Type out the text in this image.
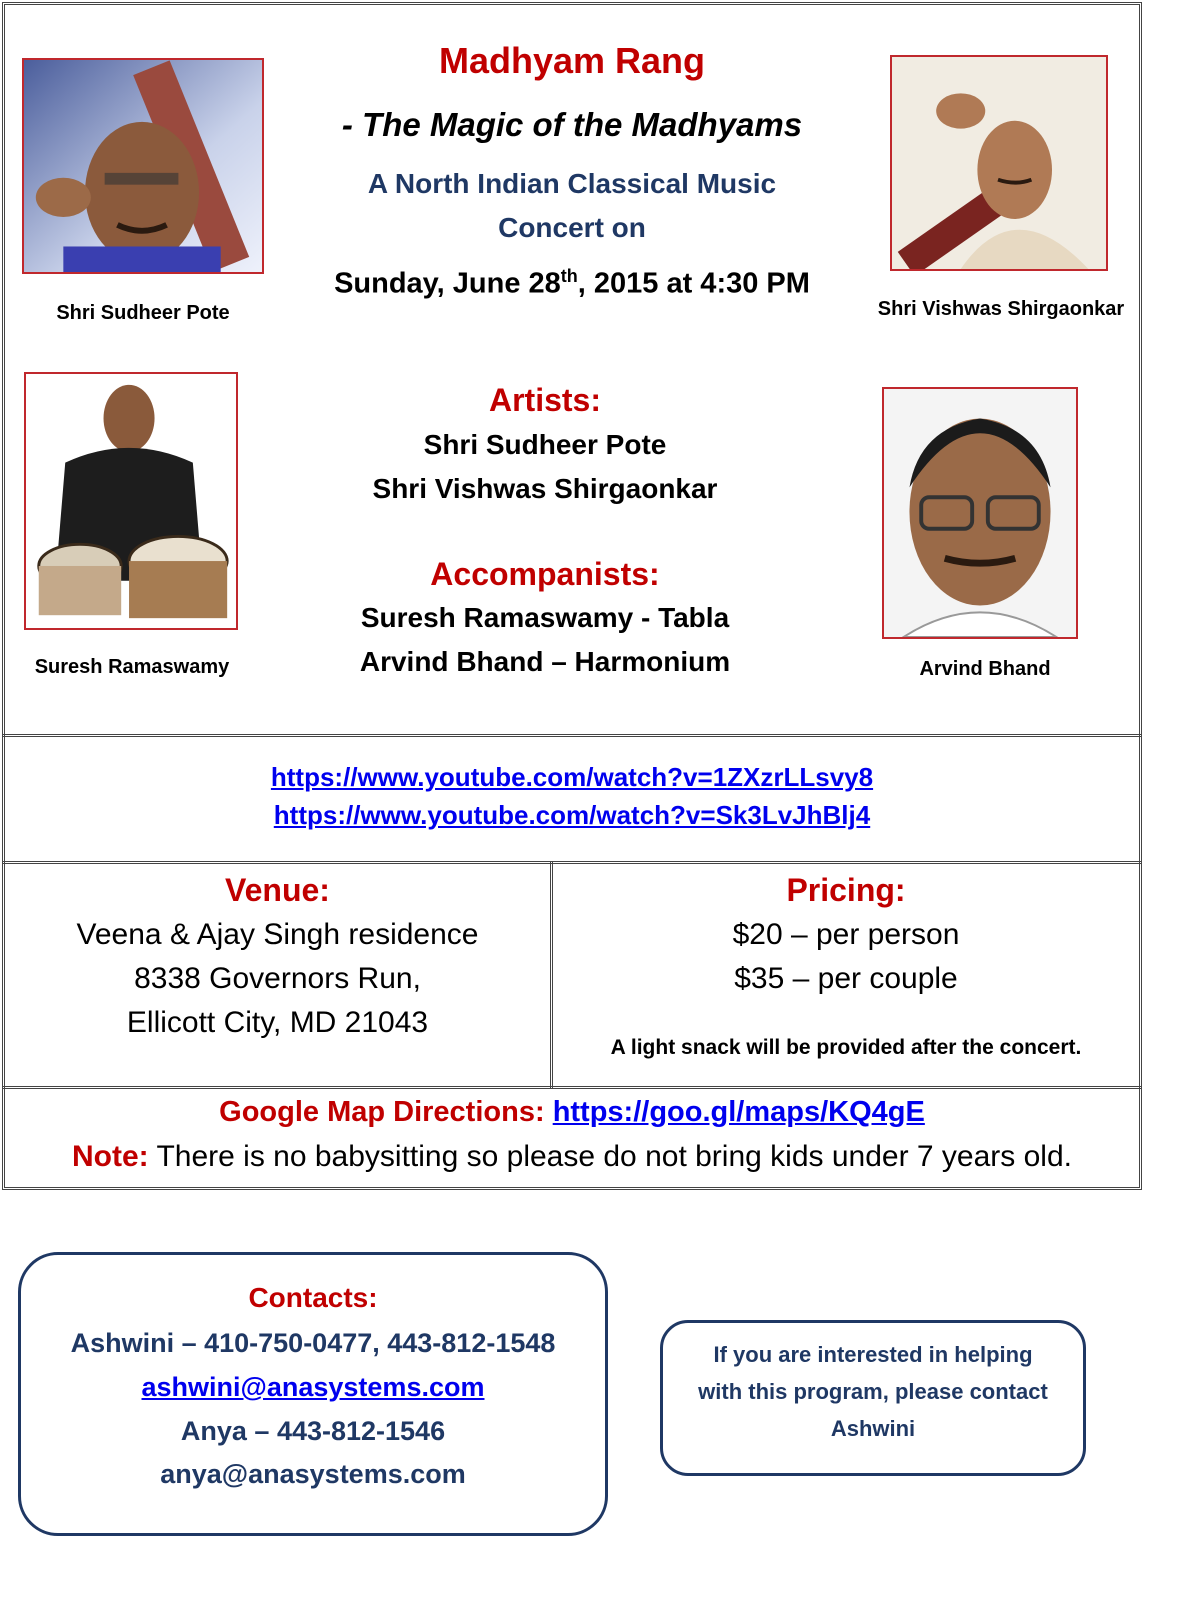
Shri Sudheer Pote	Shri Vishwas Shirgaonkar
Suresh Ramaswamy	Arvind Bhand
Madhyam Rang
- The Magic of the Madhyams
A North Indian Classical Music
Concert on
Sunday, June 28th, 2015 at 4:30 PM
Artists:
Shri Sudheer Pote
Shri Vishwas Shirgaonkar
Accompanists:
Suresh Ramaswamy - Tabla
Arvind Bhand – Harmonium
https://www.youtube.com/watch?v=1ZXzrLLsvy8
https://www.youtube.com/watch?v=Sk3LvJhBlj4
Venue:
Veena & Ajay Singh residence
8338 Governors Run,
Ellicott City, MD 21043
Pricing:
$20 – per person
$35 – per couple
A light snack will be provided after the concert.
Google Map Directions: https://goo.gl/maps/KQ4gE
Note: There is no babysitting so please do not bring kids under 7 years old.
Contacts:
Ashwini – 410-750-0477, 443-812-1548
ashwini@anasystems.com
Anya – 443-812-1546
anya@anasystems.com
If you are interested in helping
with this program, please contact
Ashwini
